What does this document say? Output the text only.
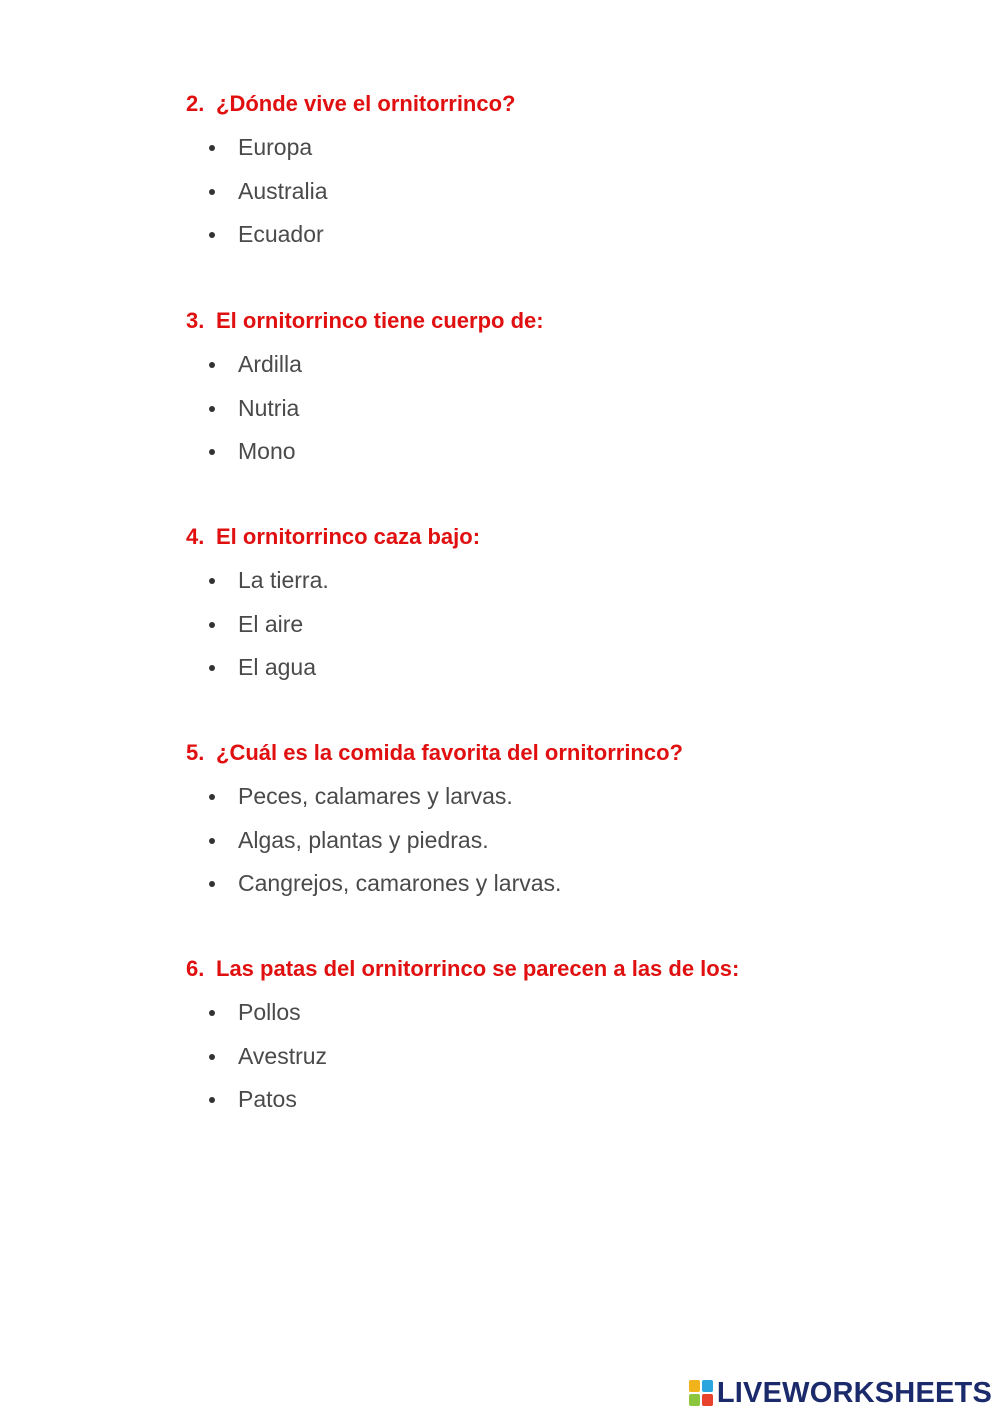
2. ¿Dónde vive el ornitorrinco?
Europa
Australia
Ecuador
3. El ornitorrinco tiene cuerpo de:
Ardilla
Nutria
Mono
4. El ornitorrinco caza bajo:
La tierra.
El aire
El agua
5. ¿Cuál es la comida favorita del ornitorrinco?
Peces, calamares y larvas.
Algas, plantas y piedras.
Cangrejos, camarones y larvas.
6. Las patas del ornitorrinco se parecen a las de los:
Pollos
Avestruz
Patos
LIVEWORKSHEETS
